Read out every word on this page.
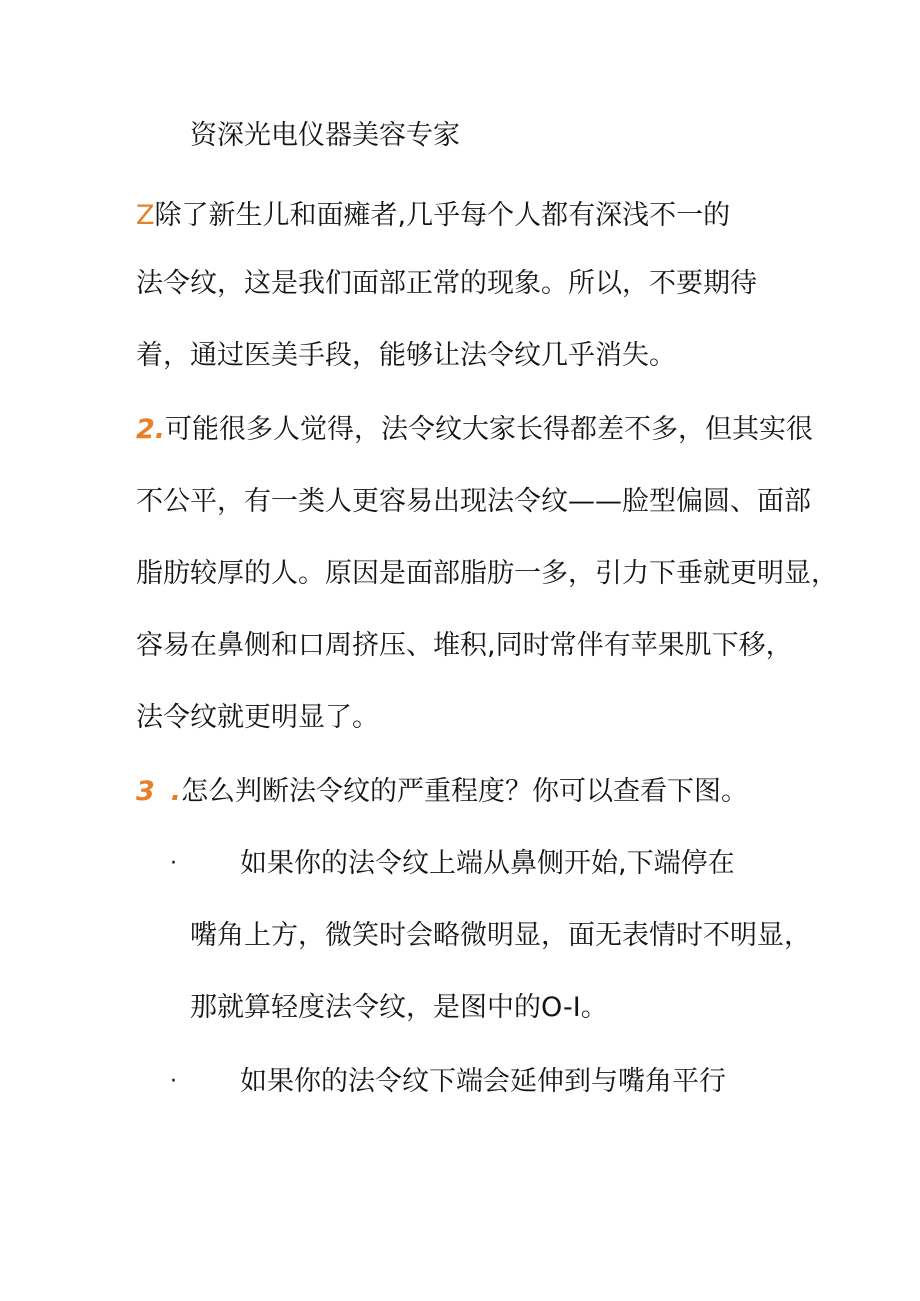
资深光电仪器美容专家
Z除了新生儿和面瘫者,几乎每个人都有深浅不一的
法令纹，这是我们面部正常的现象。所以，不要期待
着，通过医美手段，能够让法令纹几乎消失。
2.可能很多人觉得，法令纹大家长得都差不多，但其实很
不公平，有一类人更容易出现法令纹——脸型偏圆、面部
脂肪较厚的人。原因是面部脂肪一多，引力下垂就更明显，
容易在鼻侧和口周挤压、堆积,同时常伴有苹果肌下移，
法令纹就更明显了。
3 .怎么判断法令纹的严重程度？你可以查看下图。
· 如果你的法令纹上端从鼻侧开始,下端停在
嘴角上方，微笑时会略微明显，面无表情时不明显，
那就算轻度法令纹，是图中的O-I。
· 如果你的法令纹下端会延伸到与嘴角平行
